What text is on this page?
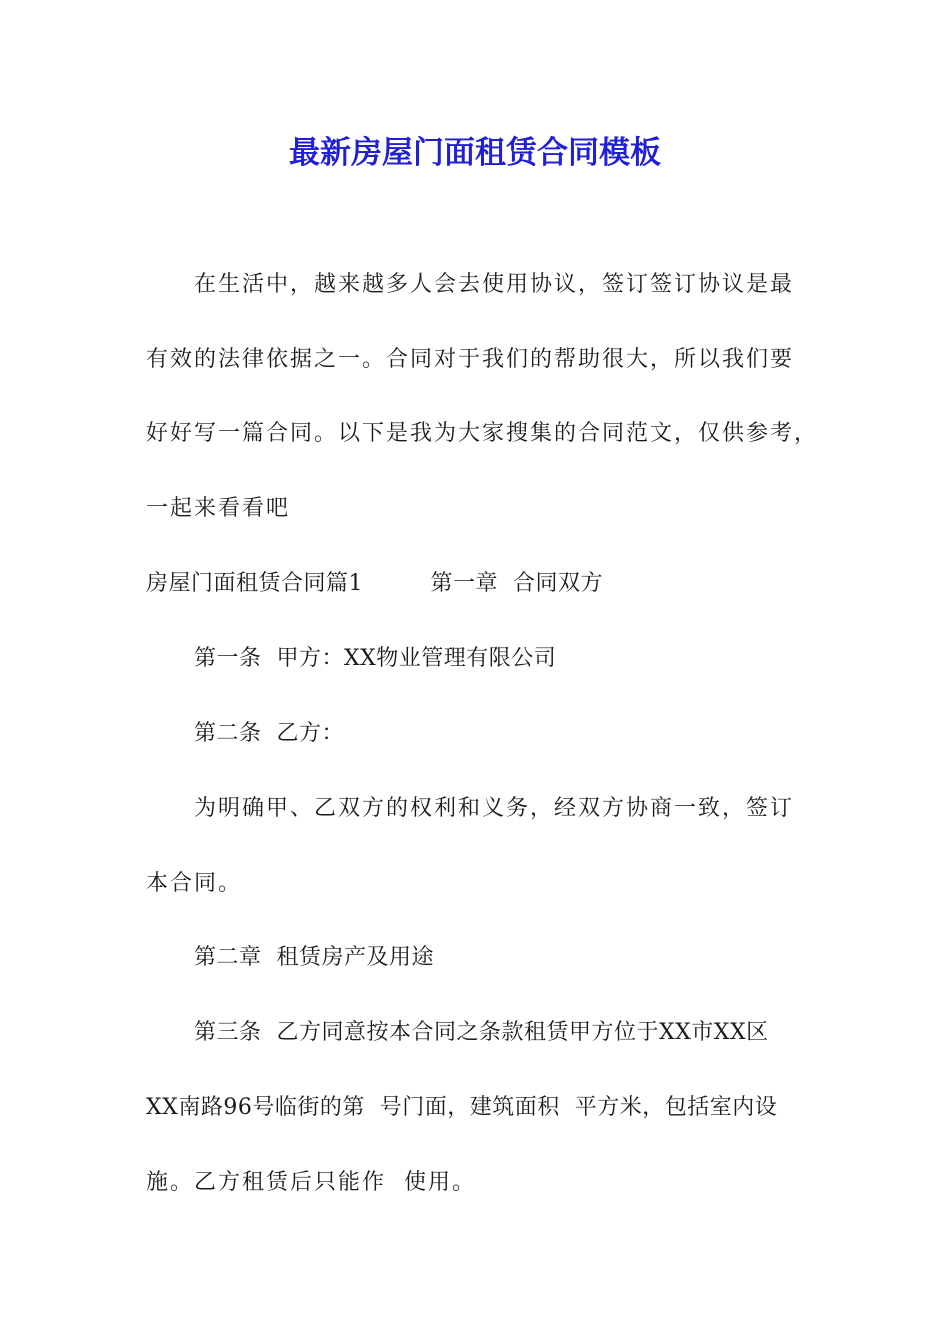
最新房屋门面租赁合同模板

在生活中，越来越多人会去使用协议，签订签订协议是最

有效的法律依据之一。合同对于我们的帮助很大，所以我们要

好好写一篇合同。以下是我为大家搜集的合同范文，仅供参考，

一起来看看吧

房屋门面租赁合同篇1　　　第一章  合同双方

第一条  甲方：XX物业管理有限公司

第二条  乙方：

为明确甲、乙双方的权利和义务，经双方协商一致，签订

本合同。

第二章  租赁房产及用途

第三条  乙方同意按本合同之条款租赁甲方位于XX市XX区

XX南路96号临街的第  号门面，建筑面积  平方米，包括室内设

施。乙方租赁后只能作  使用。
